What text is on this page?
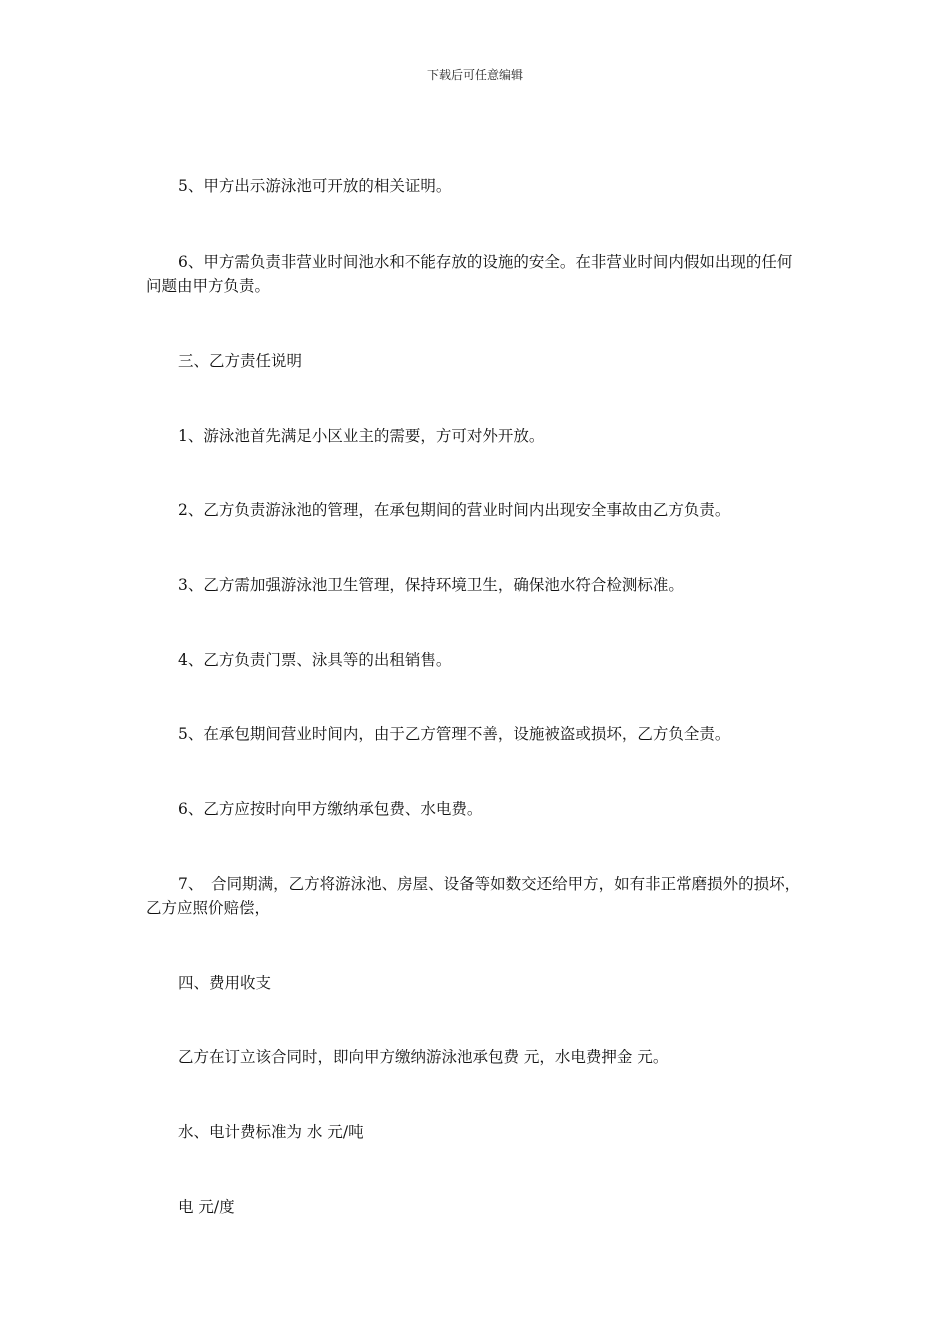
下载后可任意编辑

5、甲方出示游泳池可开放的相关证明。

6、甲方需负责非营业时间池水和不能存放的设施的安全。在非营业时间内假如出现的任何问题由甲方负责。

三、乙方责任说明

1、游泳池首先满足小区业主的需要，方可对外开放。

2、乙方负责游泳池的管理，在承包期间的营业时间内出现安全事故由乙方负责。

3、乙方需加强游泳池卫生管理，保持环境卫生，确保池水符合检测标准。

4、乙方负责门票、泳具等的出租销售。

5、在承包期间营业时间内，由于乙方管理不善，设施被盗或损坏，乙方负全责。

6、乙方应按时向甲方缴纳承包费、水电费。

7、　合同期满，乙方将游泳池、房屋、设备等如数交还给甲方，如有非正常磨损外的损坏，乙方应照价赔偿，

四、费用收支

乙方在订立该合同时，即向甲方缴纳游泳池承包费 元，水电费押金 元。

水、电计费标准为 水 元/吨

电 元/度
